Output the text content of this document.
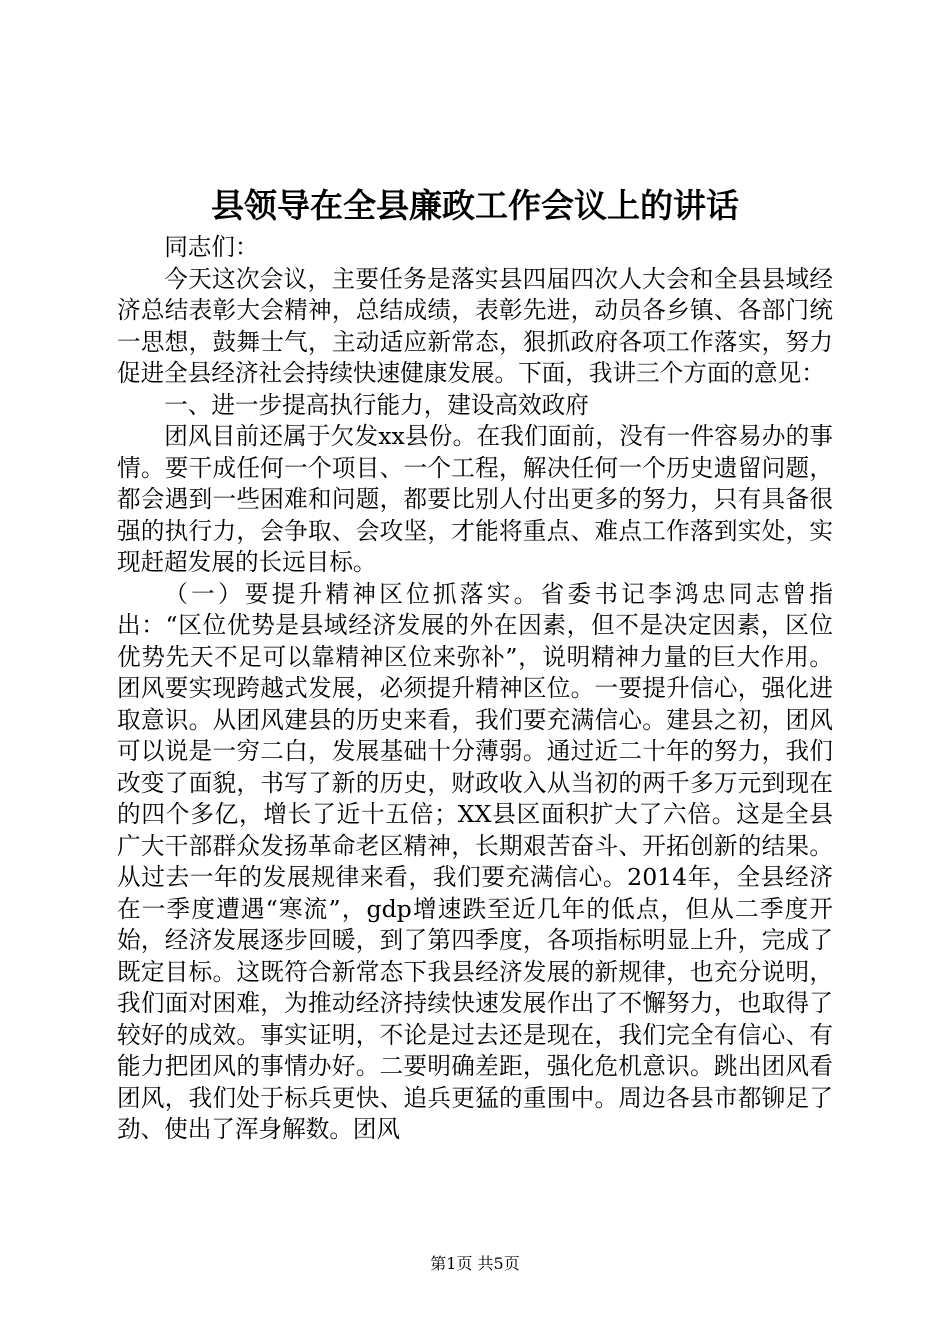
县领导在全县廉政工作会议上的讲话

同志们：

今天这次会议，主要任务是落实县四届四次人大会和全县县域经济总结表彰大会精神，总结成绩，表彰先进，动员各乡镇、各部门统一思想，鼓舞士气，主动适应新常态，狠抓政府各项工作落实，努力促进全县经济社会持续快速健康发展。下面，我讲三个方面的意见：

一、进一步提高执行能力，建设高效政府

团风目前还属于欠发xx县份。在我们面前，没有一件容易办的事情。要干成任何一个项目、一个工程，解决任何一个历史遗留问题，都会遇到一些困难和问题，都要比别人付出更多的努力，只有具备很强的执行力，会争取、会攻坚，才能将重点、难点工作落到实处，实现赶超发展的长远目标。

（一）要提升精神区位抓落实。省委书记李鸿忠同志曾指出：“区位优势是县域经济发展的外在因素，但不是决定因素，区位优势先天不足可以靠精神区位来弥补”，说明精神力量的巨大作用。团风要实现跨越式发展，必须提升精神区位。一要提升信心，强化进取意识。从团风建县的历史来看，我们要充满信心。建县之初，团风可以说是一穷二白，发展基础十分薄弱。通过近二十年的努力，我们改变了面貌，书写了新的历史，财政收入从当初的两千多万元到现在的四个多亿，增长了近十五倍；XX县区面积扩大了六倍。这是全县广大干部群众发扬革命老区精神，长期艰苦奋斗、开拓创新的结果。从过去一年的发展规律来看，我们要充满信心。2014年，全县经济在一季度遭遇“寒流”，gdp增速跌至近几年的低点，但从二季度开始，经济发展逐步回暖，到了第四季度，各项指标明显上升，完成了既定目标。这既符合新常态下我县经济发展的新规律，也充分说明，我们面对困难，为推动经济持续快速发展作出了不懈努力，也取得了较好的成效。事实证明，不论是过去还是现在，我们完全有信心、有能力把团风的事情办好。二要明确差距，强化危机意识。跳出团风看团风，我们处于标兵更快、追兵更猛的重围中。周边各县市都铆足了劲、使出了浑身解数。团风

第1页 共5页
